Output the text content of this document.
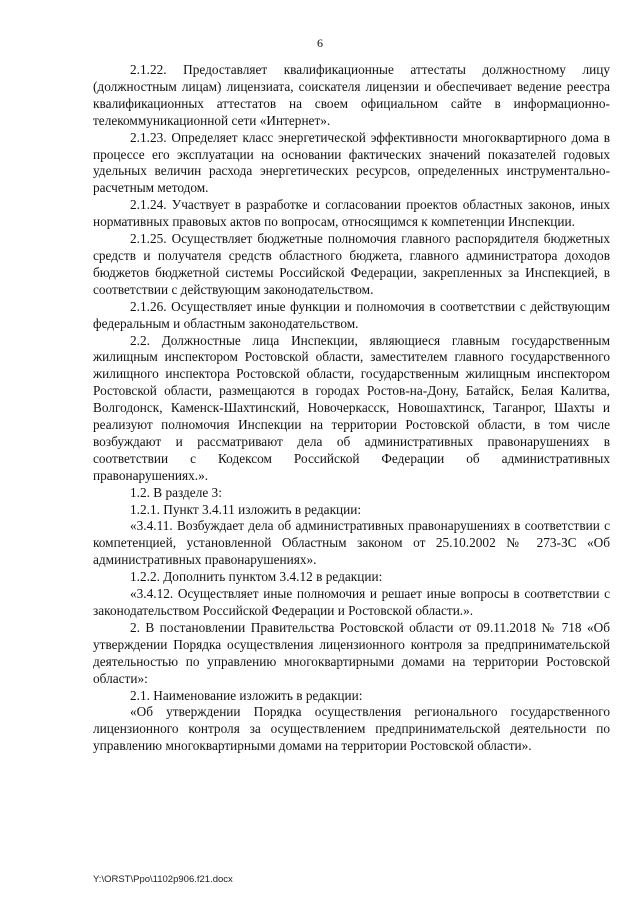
6

2.1.22. Предоставляет квалификационные аттестаты должностному лицу (должностным лицам) лицензиата, соискателя лицензии и обеспечивает ведение реестра квалификационных аттестатов на своем официальном сайте в информационно-телекоммуникационной сети «Интернет».

2.1.23. Определяет класс энергетической эффективности многоквартирного дома в процессе его эксплуатации на основании фактических значений показателей годовых удельных величин расхода энергетических ресурсов, определенных инструментально-расчетным методом.

2.1.24. Участвует в разработке и согласовании проектов областных законов, иных нормативных правовых актов по вопросам, относящимся к компетенции Инспекции.

2.1.25. Осуществляет бюджетные полномочия главного распорядителя бюджетных средств и получателя средств областного бюджета, главного администратора доходов бюджетов бюджетной системы Российской Федерации, закрепленных за Инспекцией, в соответствии с действующим законодательством.

2.1.26. Осуществляет иные функции и полномочия в соответствии с действующим федеральным и областным законодательством.

2.2. Должностные лица Инспекции, являющиеся главным государственным жилищным инспектором Ростовской области, заместителем главного государственного жилищного инспектора Ростовской области, государственным жилищным инспектором Ростовской области, размещаются в городах Ростов-на-Дону, Батайск, Белая Калитва, Волгодонск, Каменск-Шахтинский, Новочеркасск, Новошахтинск, Таганрог, Шахты и реализуют полномочия Инспекции на территории Ростовской области, в том числе возбуждают и рассматривают дела об административных правонарушениях в соответствии с Кодексом Российской Федерации об административных правонарушениях.».

1.2. В разделе 3:

1.2.1. Пункт 3.4.11 изложить в редакции:

«3.4.11. Возбуждает дела об административных правонарушениях в соответствии с компетенцией, установленной Областным законом от 25.10.2002 № 273-ЗС «Об административных правонарушениях».

1.2.2. Дополнить пунктом 3.4.12 в редакции:

«3.4.12. Осуществляет иные полномочия и решает иные вопросы в соответствии с законодательством Российской Федерации и Ростовской области.».

2. В постановлении Правительства Ростовской области от 09.11.2018 № 718 «Об утверждении Порядка осуществления лицензионного контроля за предпринимательской деятельностью по управлению многоквартирными домами на территории Ростовской области»:

2.1. Наименование изложить в редакции:

«Об утверждении Порядка осуществления регионального государственного лицензионного контроля за осуществлением предпринимательской деятельности по управлению многоквартирными домами на территории Ростовской области».

Y:\ORST\Ppo\1102p906.f21.docx
